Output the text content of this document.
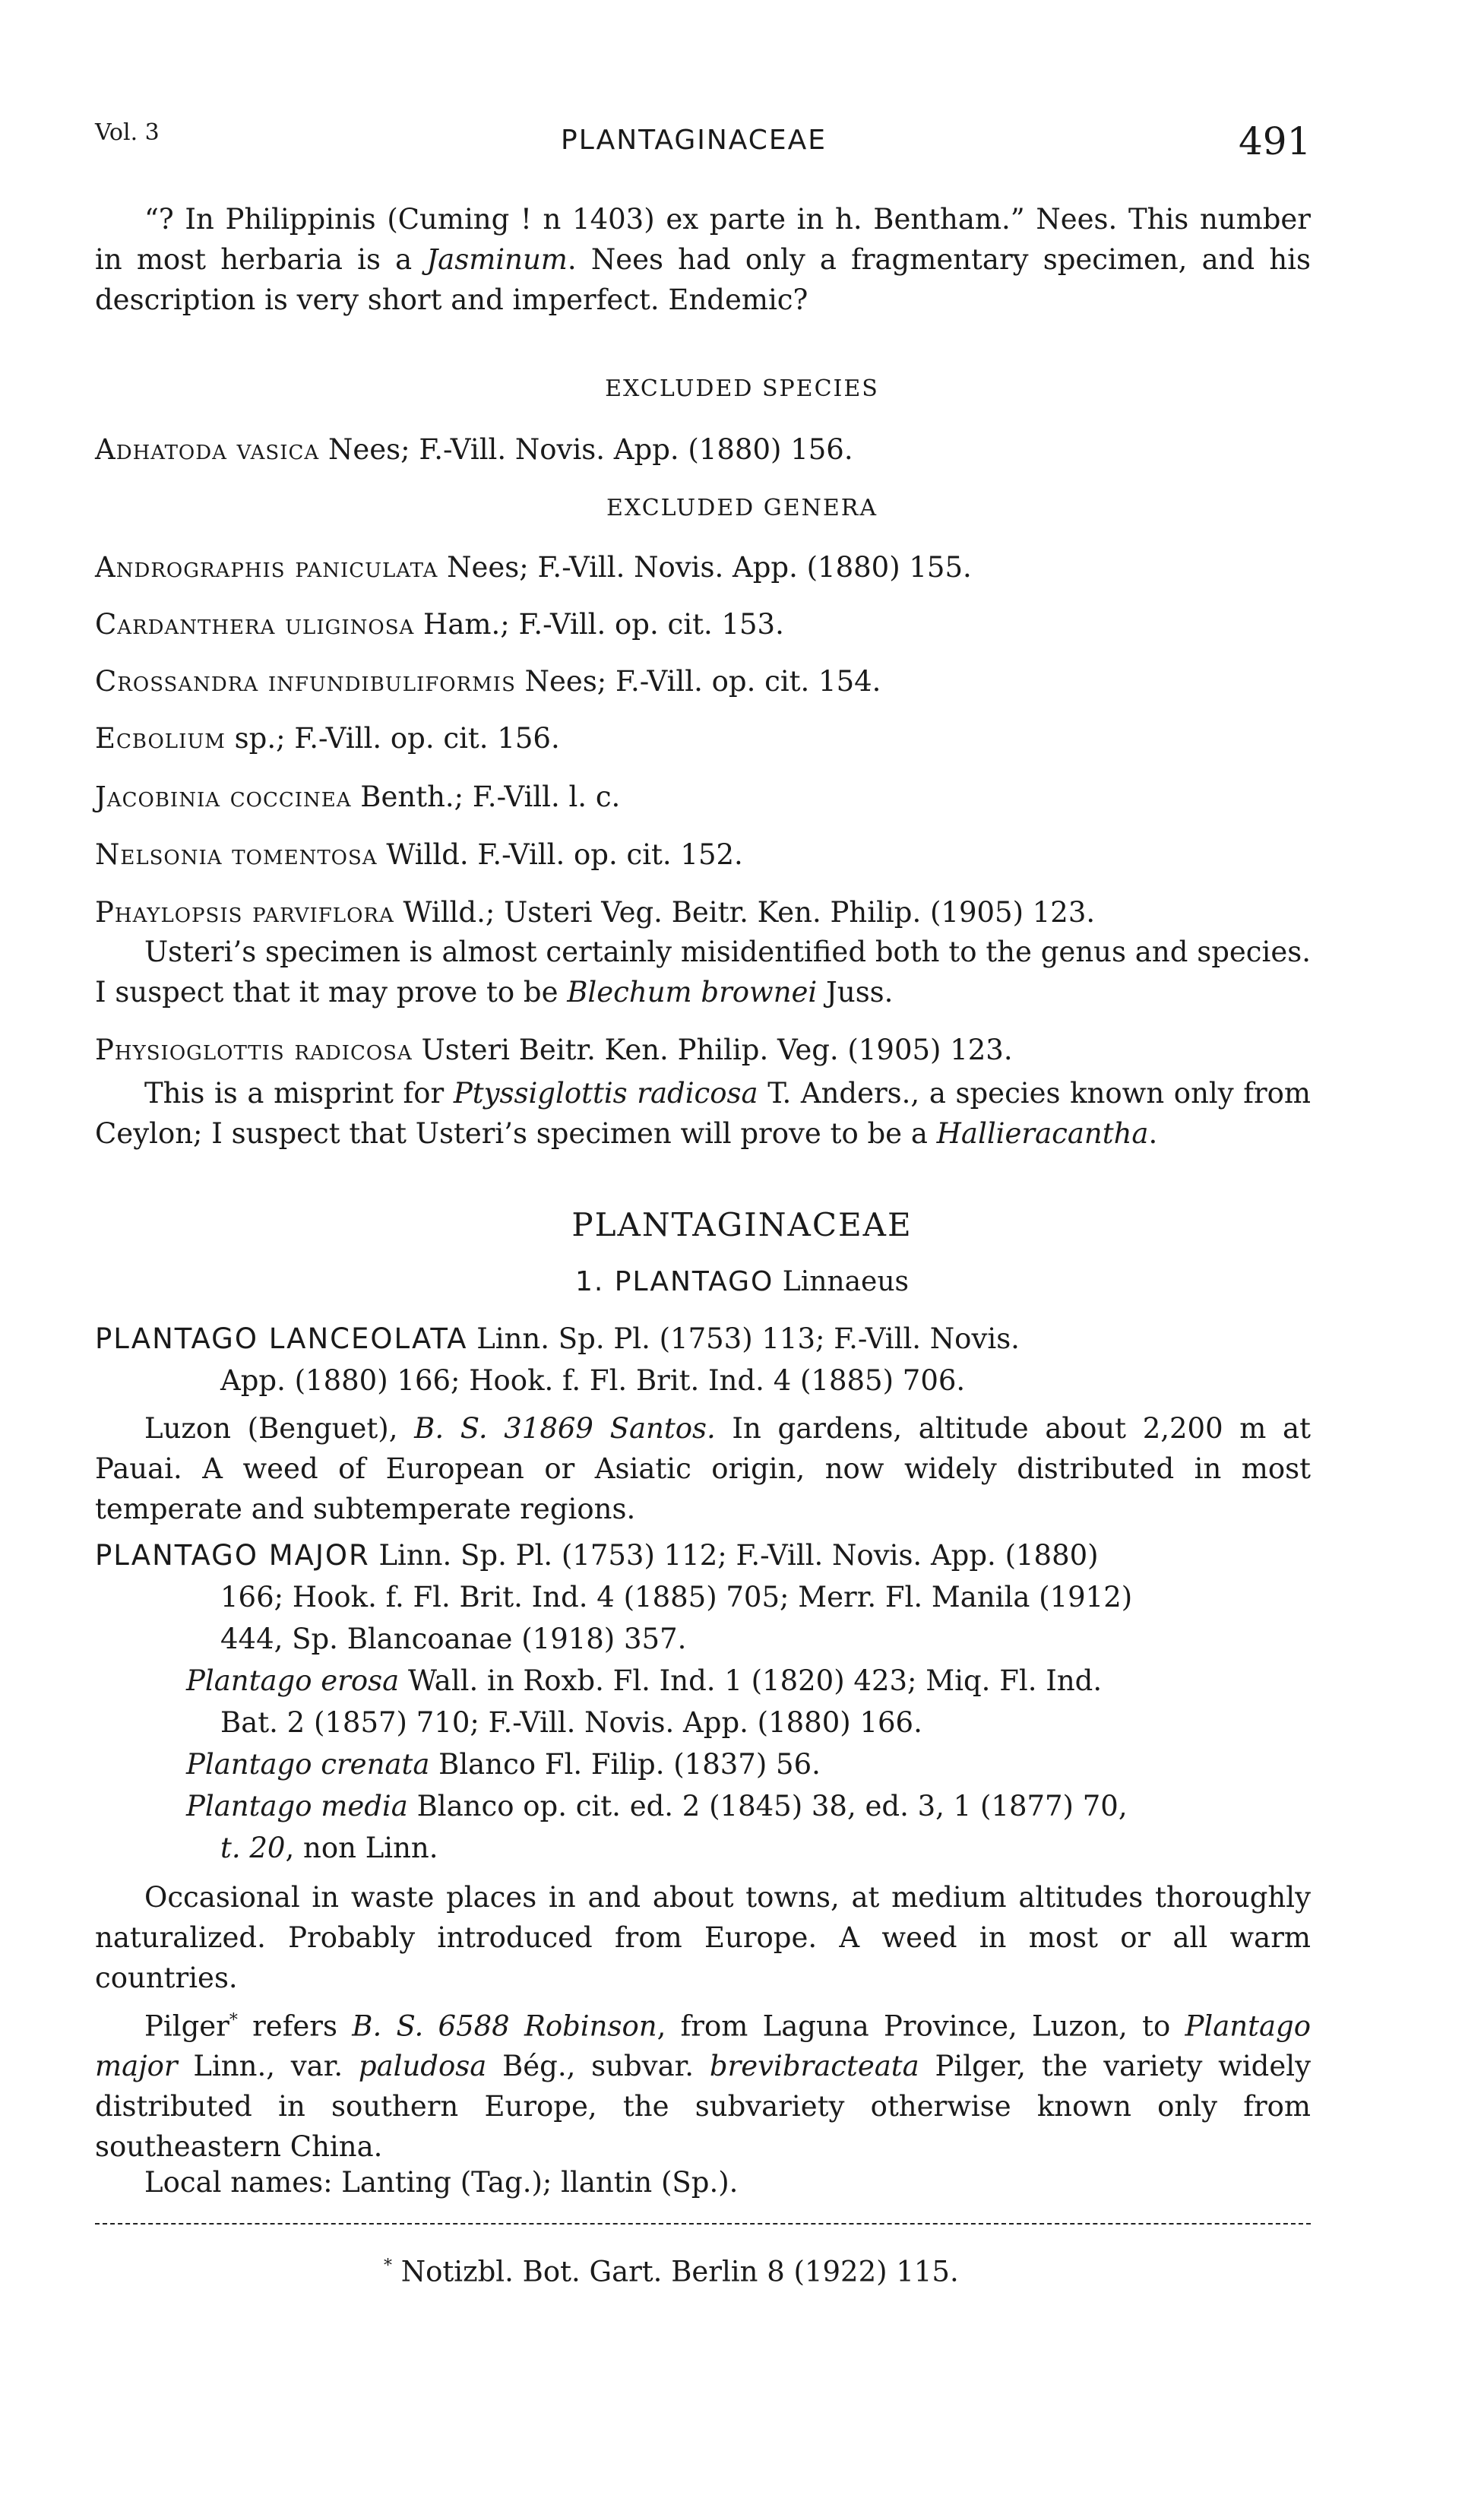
Vol. 3	PLANTAGINACEAE	491
“? In Philippinis (Cuming ! n 1403) ex parte in h. Bentham.” Nees. This number in most herbaria is a Jasminum. Nees had only a fragmentary specimen, and his description is very short and imperfect. Endemic?
EXCLUDED SPECIES
Adhatoda vasica Nees; F.-Vill. Novis. App. (1880) 156.
EXCLUDED GENERA
Andrographis paniculata Nees; F.-Vill. Novis. App. (1880) 155.
Cardanthera uliginosa Ham.; F.-Vill. op. cit. 153.
Crossandra infundibuliformis Nees; F.-Vill. op. cit. 154.
Ecbolium sp.; F.-Vill. op. cit. 156.
Jacobinia coccinea Benth.; F.-Vill. l. c.
Nelsonia tomentosa Willd. F.-Vill. op. cit. 152.
Phaylopsis parviflora Willd.; Usteri Veg. Beitr. Ken. Philip. (1905) 123.
Usteri’s specimen is almost certainly misidentified both to the genus and species. I suspect that it may prove to be Blechum brownei Juss.
Physioglottis radicosa Usteri Beitr. Ken. Philip. Veg. (1905) 123.
This is a misprint for Ptyssiglottis radicosa T. Anders., a species known only from Ceylon; I suspect that Usteri’s specimen will prove to be a Hallieracantha.
PLANTAGINACEAE
1. PLANTAGO Linnaeus
PLANTAGO LANCEOLATA Linn. Sp. Pl. (1753) 113; F.-Vill. Novis.
App. (1880) 166; Hook. f. Fl. Brit. Ind. 4 (1885) 706.
Luzon (Benguet), B. S. 31869 Santos. In gardens, altitude about 2,200 m at Pauai. A weed of European or Asiatic origin, now widely distributed in most temperate and subtemperate regions.
PLANTAGO MAJOR Linn. Sp. Pl. (1753) 112; F.-Vill. Novis. App. (1880)
166; Hook. f. Fl. Brit. Ind. 4 (1885) 705; Merr. Fl. Manila (1912)
444, Sp. Blancoanae (1918) 357.
Plantago erosa Wall. in Roxb. Fl. Ind. 1 (1820) 423; Miq. Fl. Ind.
Bat. 2 (1857) 710; F.-Vill. Novis. App. (1880) 166.
Plantago crenata Blanco Fl. Filip. (1837) 56.
Plantago media Blanco op. cit. ed. 2 (1845) 38, ed. 3, 1 (1877) 70,
t. 20, non Linn.
Occasional in waste places in and about towns, at medium altitudes thoroughly naturalized. Probably introduced from Europe. A weed in most or all warm countries.
Pilger* refers B. S. 6588 Robinson, from Laguna Province, Luzon, to Plantago major Linn., var. paludosa Bég., subvar. brevibracteata Pilger, the variety widely distributed in southern Europe, the subvariety otherwise known only from southeastern China.
Local names: Lanting (Tag.); llantin (Sp.).
* Notizbl. Bot. Gart. Berlin 8 (1922) 115.
